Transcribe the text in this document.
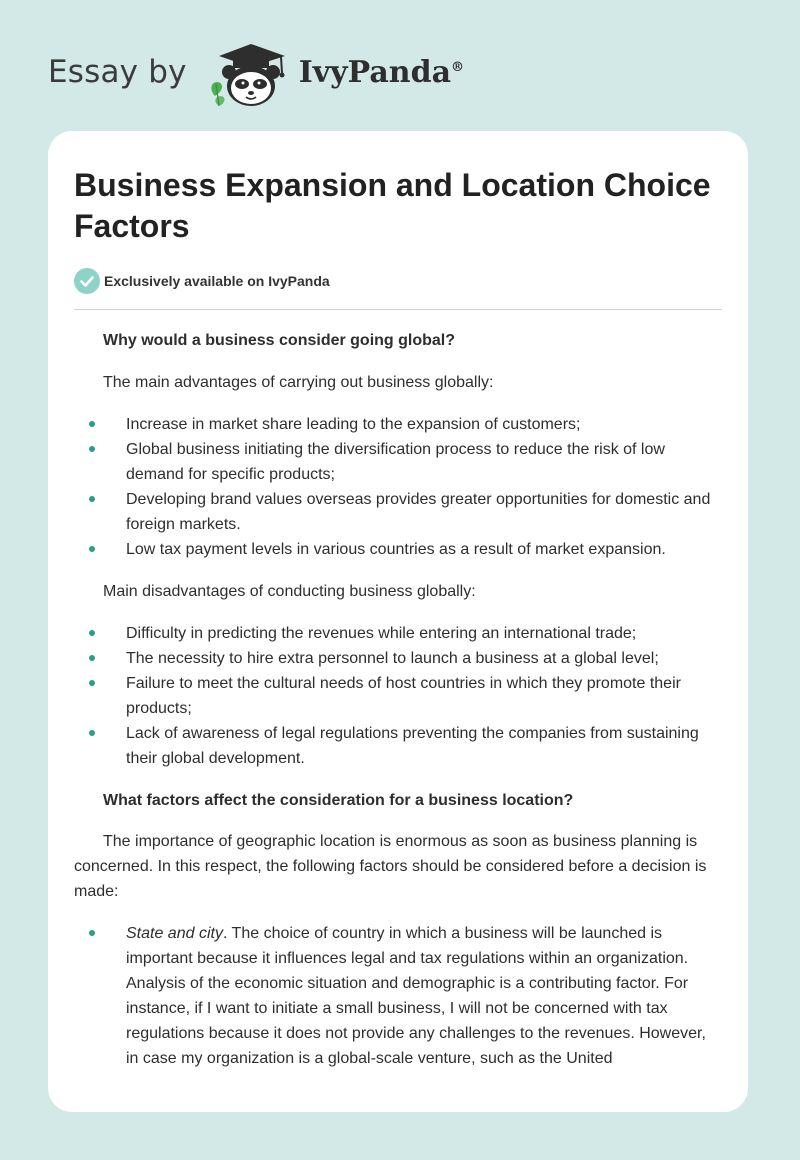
Essay by	IvyPanda®
Business Expansion and Location Choice Factors
Exclusively available on IvyPanda

Why would a business consider going global?

The main advantages of carrying out business globally:

Increase in market share leading to the expansion of customers;
Global business initiating the diversification process to reduce the risk of low demand for specific products;
Developing brand values overseas provides greater opportunities for domestic and foreign markets.
Low tax payment levels in various countries as a result of market expansion.

Main disadvantages of conducting business globally:

Difficulty in predicting the revenues while entering an international trade;
The necessity to hire extra personnel to launch a business at a global level;
Failure to meet the cultural needs of host countries in which they promote their products;
Lack of awareness of legal regulations preventing the companies from sustaining their global development.

What factors affect the consideration for a business location?

The importance of geographic location is enormous as soon as business planning is concerned. In this respect, the following factors should be considered before a decision is made:

State and city. The choice of country in which a business will be launched is important because it influences legal and tax regulations within an organization. Analysis of the economic situation and demographic is a contributing factor. For instance, if I want to initiate a small business, I will not be concerned with tax regulations because it does not provide any challenges to the revenues. However, in case my organization is a global-scale venture, such as the United
